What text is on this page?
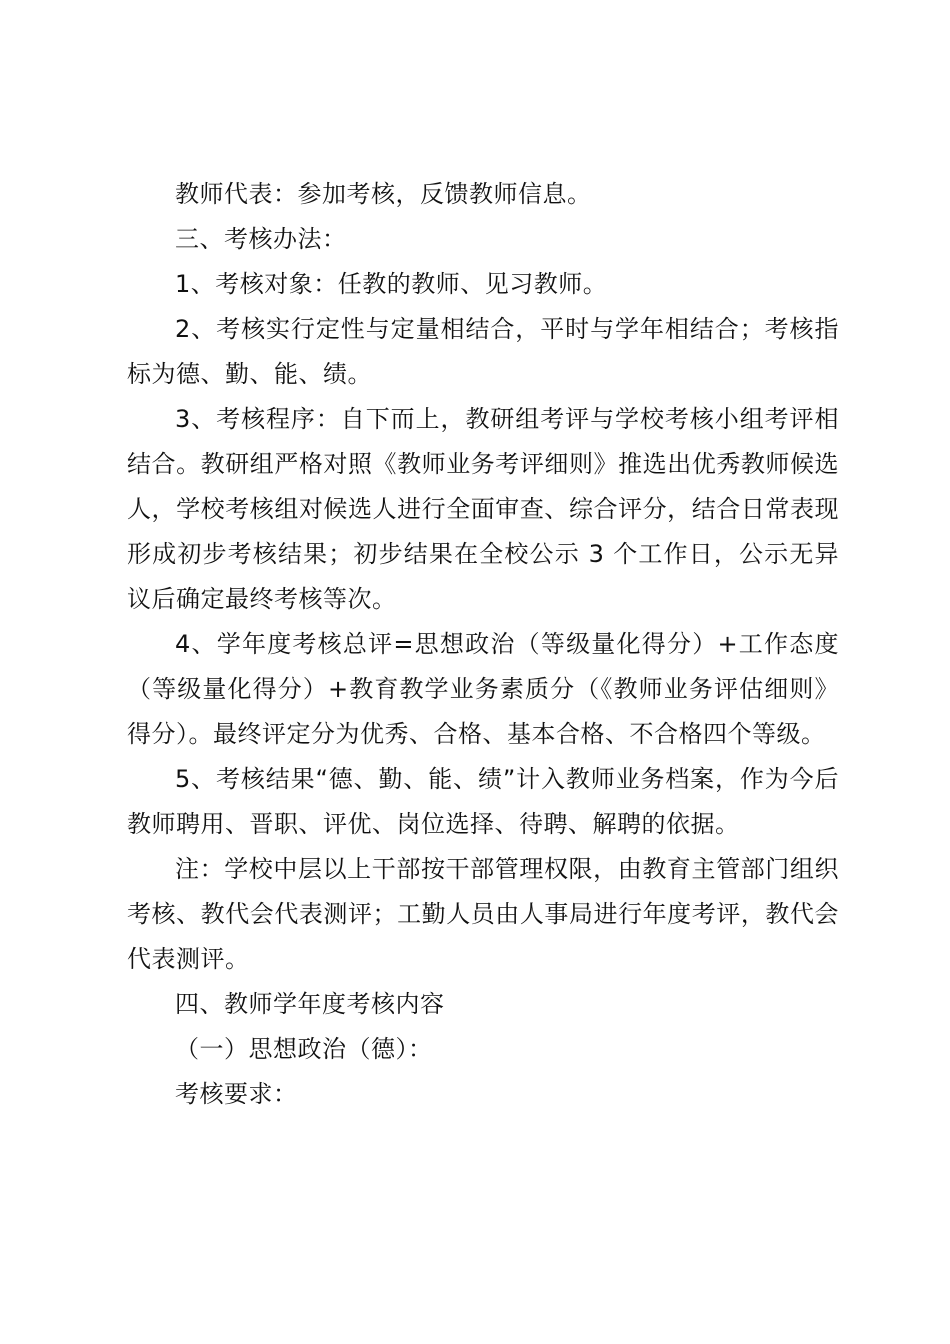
教师代表：参加考核，反馈教师信息。

三、考核办法：

1、考核对象：任教的教师、见习教师。

2、考核实行定性与定量相结合，平时与学年相结合；考核指标为德、勤、能、绩。

3、考核程序：自下而上，教研组考评与学校考核小组考评相结合。教研组严格对照《教师业务考评细则》推选出优秀教师候选人，学校考核组对候选人进行全面审查、综合评分，结合日常表现形成初步考核结果；初步结果在全校公示 3 个工作日，公示无异议后确定最终考核等次。

4、学年度考核总评=思想政治（等级量化得分）+工作态度（等级量化得分）+教育教学业务素质分（《教师业务评估细则》得分）。最终评定分为优秀、合格、基本合格、不合格四个等级。

5、考核结果“德、勤、能、绩”计入教师业务档案，作为今后教师聘用、晋职、评优、岗位选择、待聘、解聘的依据。

注：学校中层以上干部按干部管理权限，由教育主管部门组织考核、教代会代表测评；工勤人员由人事局进行年度考评，教代会代表测评。

四、教师学年度考核内容

（一）思想政治（德）：

考核要求：
